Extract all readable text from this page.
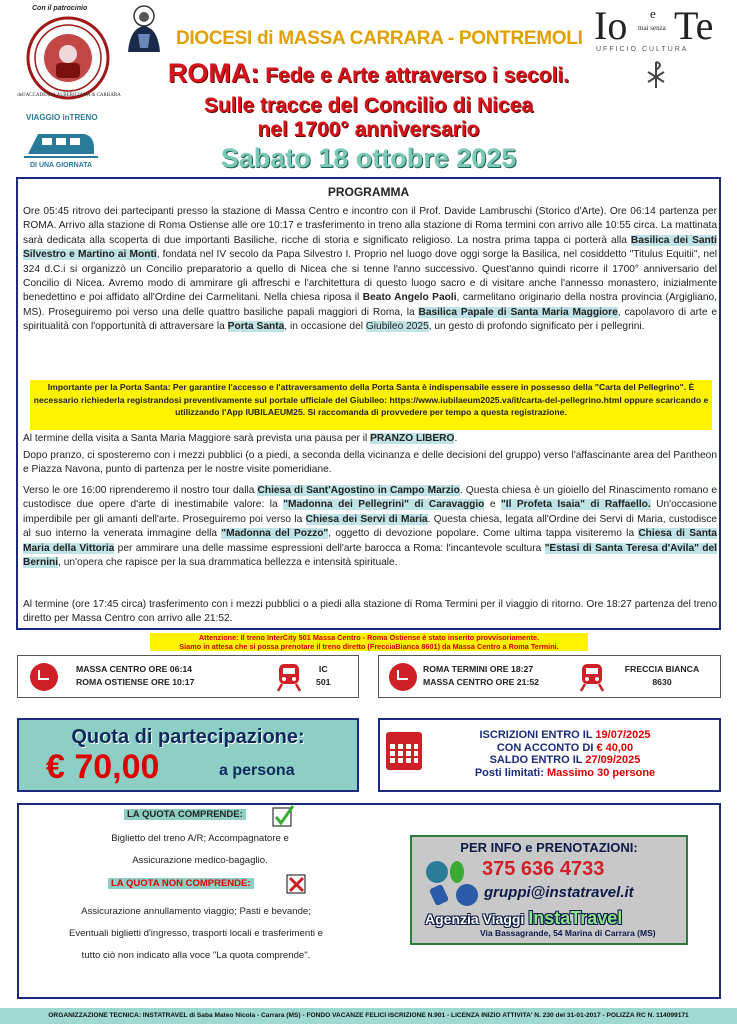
Con il patrocinio
dell'ACCADEMIA ALBERICIANA di CARRARA
DIOCESI di MASSA CARRARA - PONTREMOLI Io e
mai senza Te
UFFICIO CULTURA
VIAGGIO inTRENO
DI UNA GIORNATA
ROMA: Fede e Arte attraverso i secoli.
Sulle tracce del Concilio di Nicea
nel 1700° anniversario
Sabato 18 ottobre 2025
PROGRAMMA
Ore 05:45 ritrovo dei partecipanti presso la stazione di Massa Centro e incontro con il Prof. Davide Lambruschi (Storico d'Arte). Ore 06:14 partenza per ROMA. Arrivo alla stazione di Roma Ostiense alle ore 10:17 e trasferimento in treno alla stazione di Roma termini con arrivo alle 10:55 circa. La mattinata sarà dedicata alla scoperta di due importanti Basiliche, ricche di storia e significato religioso. La nostra prima tappa ci porterà alla Basilica dei Santi Silvestro e Martino ai Monti, fondata nel IV secolo da Papa Silvestro I. Proprio nel luogo dove oggi sorge la Basilica, nel cosiddetto "Titulus Equitii", nel 324 d.C.i si organizzò un Concilio preparatorio a quello di Nicea che si tenne l'anno successivo. Quest'anno quindi ricorre il 1700° anniversario del Concilio di Nicea. Avremo modo di ammirare gli affreschi e l'architettura di questo luogo sacro e di visitare anche l'annesso monastero, inizialmente benedettino e poi affidato all'Ordine dei Carmelitani. Nella chiesa riposa il Beato Angelo Paoli, carmelitano originario della nostra provincia (Argigliano, MS). Proseguiremo poi verso una delle quattro basiliche papali maggiori di Roma, la Basilica Papale di Santa Maria Maggiore, capolavoro di arte e spiritualità con l'opportunità di attraversare la Porta Santa, in occasione del Giubileo 2025, un gesto di profondo significato per i pellegrini.
Importante per la Porta Santa: Per garantire l'accesso e l'attraversamento della Porta Santa è indispensabile essere in possesso della "Carta del Pellegrino". È necessario richiederla registrandosi preventivamente sul portale ufficiale del Giubileo: https://www.iubilaeum2025.va/it/carta-del-pellegrino.html oppure scaricando e utilizzando l'App IUBILAEUM25. Si raccomanda di provvedere per tempo a questa registrazione.
Al termine della visita a Santa Maria Maggiore sarà prevista una pausa per il PRANZO LIBERO.
Dopo pranzo, ci sposteremo con i mezzi pubblici (o a piedi, a seconda della vicinanza e delle decisioni del gruppo) verso l'affascinante area del Pantheon e Piazza Navona, punto di partenza per le nostre visite pomeridiane.
Verso le ore 16:00 riprenderemo il nostro tour dalla Chiesa di Sant'Agostino in Campo Marzio. Questa chiesa è un gioiello del Rinascimento romano e custodisce due opere d'arte di inestimabile valore: la "Madonna dei Pellegrini" di Caravaggio e "Il Profeta Isaia" di Raffaello. Un'occasione imperdibile per gli amanti dell'arte. Proseguiremo poi verso la Chiesa dei Servi di Maria. Questa chiesa, legata all'Ordine dei Servi di Maria, custodisce al suo interno la venerata immagine della "Madonna del Pozzo", oggetto di devozione popolare. Come ultima tappa visiteremo la Chiesa di Santa Maria della Vittoria per ammirare una delle massime espressioni dell'arte barocca a Roma: l'incantevole scultura "Estasi di Santa Teresa d'Avila" del Bernini, un'opera che rapisce per la sua drammatica bellezza e intensità spirituale.
Al termine (ore 17:45 circa) trasferimento con i mezzi pubblici o a piedi alla stazione di Roma Termini per il viaggio di ritorno. Ore 18:27 partenza del treno diretto per Massa Centro con arrivo alle 21:52.
Attenzione: Il treno InterCity 501 Massa Centro - Roma Ostiense è stato inserito provvisoriamente.
Siamo in attesa che si possa prenotare il treno diretto (FrecciaBianca 8601) da Massa Centro a Roma Termini.
MASSA CENTRO ORE 06:14
ROMA OSTIENSE ORE 10:17
IC
501
ROMA TERMINI ORE 18:27
MASSA CENTRO ORE 21:52
FRECCIA BIANCA
8630
Quota di partecipazione:
€ 70,00	a persona
ISCRIZIONI ENTRO IL 19/07/2025
CON ACCONTO DI € 40,00
SALDO ENTRO IL 27/09/2025
Posti limitati: Massimo 30 persone
LA QUOTA COMPRENDE:
Biglietto del treno A/R; Accompagnatore e
Assicurazione medico-bagaglio.
LA QUOTA NON COMPRENDE:
Assicurazione annullamento viaggio; Pasti e bevande;
Eventuali biglietti d'ingresso, trasporti locali e trasferimenti e
tutto ciò non indicato alla voce "La quota comprende".
PER INFO e PRENOTAZIONI:
375 636 4733
gruppi@instatravel.it
Agenzia Viaggi InstaTravel
Via Bassagrande, 54 Marina di Carrara (MS)
ORGANIZZAZIONE TECNICA: INSTATRAVEL di Saba Mateo Nicola - Carrara (MS) - FONDO VACANZE FELICI ISCRIZIONE N.901 - LICENZA INIZIO ATTIVITA' N. 230 del 31-01-2017 - POLIZZA RC N. 114099171
